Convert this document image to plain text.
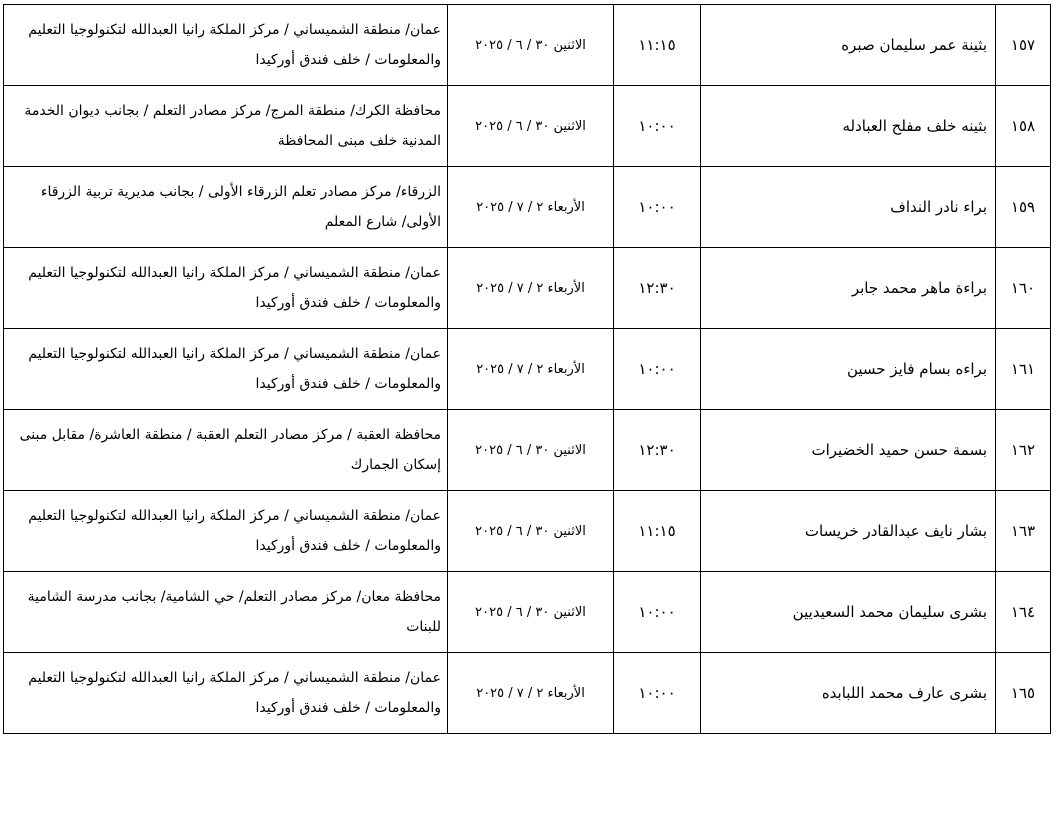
١٥٧	بثينة عمر سليمان صبره	١١:١٥	الاثنين ٣٠ / ٦ / ٢٠٢٥	عمان/ منطقة الشميساني / مركز الملكة رانيا العبدالله لتكنولوجيا التعليم والمعلومات / خلف فندق أوركيدا
١٥٨	بثينه خلف مفلح العبادله	١٠:٠٠	الاثنين ٣٠ / ٦ / ٢٠٢٥	محافظة الكرك/ منطقة المرج/ مركز مصادر التعلم / بجانب ديوان الخدمة المدنية خلف مبنى المحافظة
١٥٩	براء نادر النداف	١٠:٠٠	الأربعاء ٢ / ٧ / ٢٠٢٥	الزرقاء/ مركز مصادر تعلم الزرقاء الأولى / بجانب مديرية تربية الزرقاء الأولى/ شارع المعلم
١٦٠	براءة ماهر محمد جابر	١٢:٣٠	الأربعاء ٢ / ٧ / ٢٠٢٥	عمان/ منطقة الشميساني / مركز الملكة رانيا العبدالله لتكنولوجيا التعليم والمعلومات / خلف فندق أوركيدا
١٦١	براءه بسام فايز حسين	١٠:٠٠	الأربعاء ٢ / ٧ / ٢٠٢٥	عمان/ منطقة الشميساني / مركز الملكة رانيا العبدالله لتكنولوجيا التعليم والمعلومات / خلف فندق أوركيدا
١٦٢	بسمة حسن حميد الخضيرات	١٢:٣٠	الاثنين ٣٠ / ٦ / ٢٠٢٥	محافظة العقبة / مركز مصادر التعلم العقبة / منطقة العاشرة/ مقابل مبنى إسكان الجمارك
١٦٣	بشار نايف عبدالقادر خريسات	١١:١٥	الاثنين ٣٠ / ٦ / ٢٠٢٥	عمان/ منطقة الشميساني / مركز الملكة رانيا العبدالله لتكنولوجيا التعليم والمعلومات / خلف فندق أوركيدا
١٦٤	بشرى سليمان محمد السعيديين	١٠:٠٠	الاثنين ٣٠ / ٦ / ٢٠٢٥	محافظة معان/ مركز مصادر التعلم/ حي الشامية/ بجانب مدرسة الشامية للبنات
١٦٥	بشرى عارف محمد اللبابده	١٠:٠٠	الأربعاء ٢ / ٧ / ٢٠٢٥	عمان/ منطقة الشميساني / مركز الملكة رانيا العبدالله لتكنولوجيا التعليم والمعلومات / خلف فندق أوركيدا
